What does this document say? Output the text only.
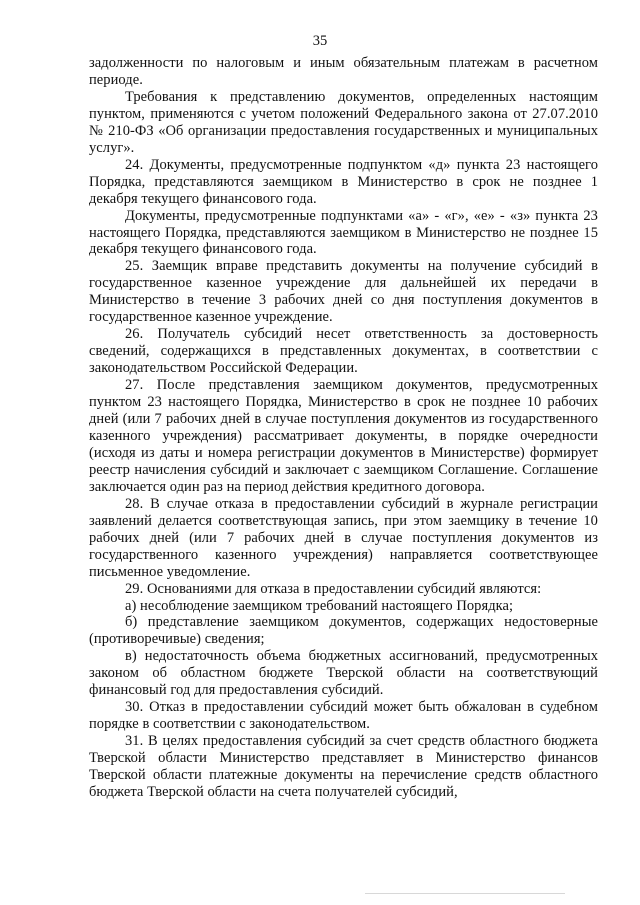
35

задолженности по налоговым и иным обязательным платежам в расчетном периоде.

Требования к представлению документов, определенных настоящим пунктом, применяются с учетом положений Федерального закона от 27.07.2010 № 210-ФЗ «Об организации предоставления государственных и муниципальных услуг».

24. Документы, предусмотренные подпунктом «д» пункта 23 настоящего Порядка, представляются заемщиком в Министерство в срок не позднее 1 декабря текущего финансового года.

Документы, предусмотренные подпунктами «а» - «г», «е» - «з» пункта 23 настоящего Порядка, представляются заемщиком в Министерство не позднее 15 декабря текущего финансового года.

25. Заемщик вправе представить документы на получение субсидий в государственное казенное учреждение для дальнейшей их передачи в Министерство в течение 3 рабочих дней со дня поступления документов в государственное казенное учреждение.

26. Получатель субсидий несет ответственность за достоверность сведений, содержащихся в представленных документах, в соответствии с законодательством Российской Федерации.

27. После представления заемщиком документов, предусмотренных пунктом 23 настоящего Порядка, Министерство в срок не позднее 10 рабочих дней (или 7 рабочих дней в случае поступления документов из государственного казенного учреждения) рассматривает документы, в порядке очередности (исходя из даты и номера регистрации документов в Министерстве) формирует реестр начисления субсидий и заключает с заемщиком Соглашение. Соглашение заключается один раз на период действия кредитного договора.

28. В случае отказа в предоставлении субсидий в журнале регистрации заявлений делается соответствующая запись, при этом заемщику в течение 10 рабочих дней (или 7 рабочих дней в случае поступления документов из государственного казенного учреждения) направляется соответствующее письменное уведомление.

29. Основаниями для отказа в предоставлении субсидий являются:

а) несоблюдение заемщиком требований настоящего Порядка;

б) представление заемщиком документов, содержащих недостоверные (противоречивые) сведения;

в) недостаточность объема бюджетных ассигнований, предусмотренных законом об областном бюджете Тверской области на соответствующий финансовый год для предоставления субсидий.

30. Отказ в предоставлении субсидий может быть обжалован в судебном порядке в соответствии с законодательством.

31. В целях предоставления субсидий за счет средств областного бюджета Тверской области Министерство представляет в Министерство финансов Тверской области платежные документы на перечисление средств областного бюджета Тверской области на счета получателей субсидий,
